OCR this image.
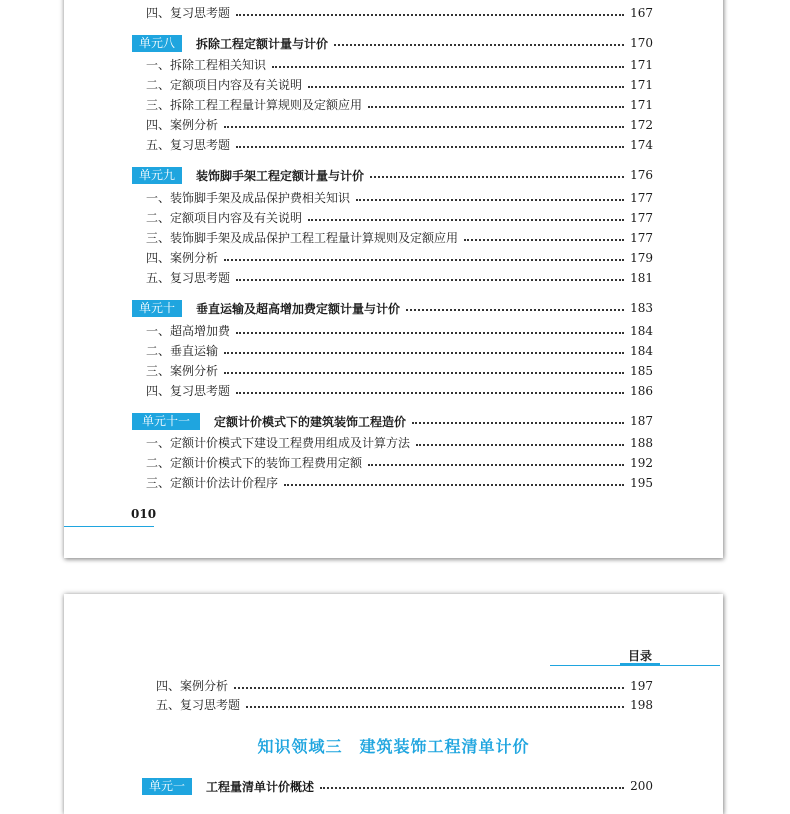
四、复习思考题	167
单元八	拆除工程定额计量与计价	170
一、拆除工程相关知识	171
二、定额项目内容及有关说明	171
三、拆除工程工程量计算规则及定额应用	171
四、案例分析	172
五、复习思考题	174
单元九	装饰脚手架工程定额计量与计价	176
一、装饰脚手架及成品保护费相关知识	177
二、定额项目内容及有关说明	177
三、装饰脚手架及成品保护工程工程量计算规则及定额应用	177
四、案例分析	179
五、复习思考题	181
单元十	垂直运输及超高增加费定额计量与计价	183
一、超高增加费	184
二、垂直运输	184
三、案例分析	185
四、复习思考题	186
单元十一	定额计价模式下的建筑装饰工程造价	187
一、定额计价模式下建设工程费用组成及计算方法	188
二、定额计价模式下的装饰工程费用定额	192
三、定额计价法计价程序	195
010
目录
四、案例分析	197
五、复习思考题	198
知识领域三　建筑装饰工程清单计价
单元一	工程量清单计价概述	200
